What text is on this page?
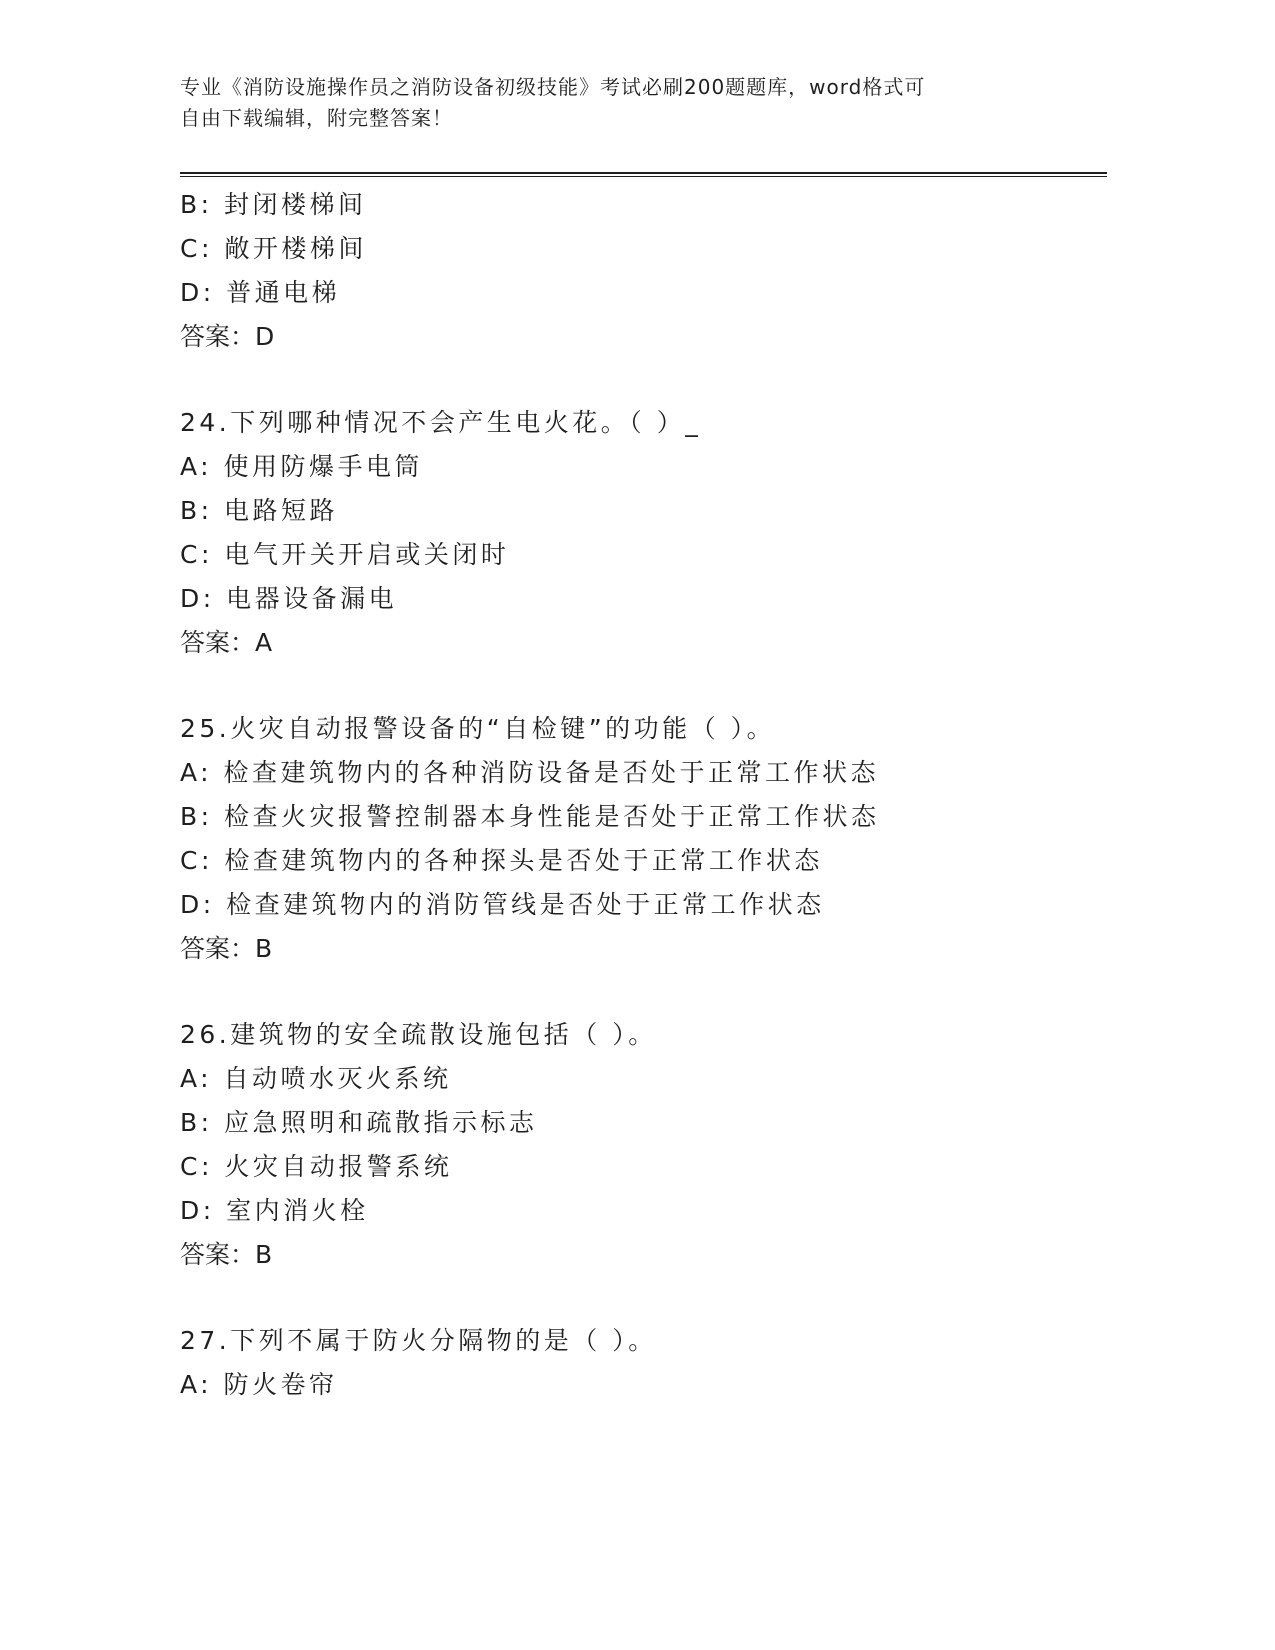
专业《消防设施操作员之消防设备初级技能》考试必刷200题题库，word格式可
自由下载编辑，附完整答案！
B: 封闭楼梯间
C: 敞开楼梯间
D: 普通电梯
答案：D
24.下列哪种情况不会产生电火花。（ ）_
A: 使用防爆手电筒
B: 电路短路
C: 电气开关开启或关闭时
D: 电器设备漏电
答案：A
25.火灾自动报警设备的“自检键”的功能（ ）。
A: 检查建筑物内的各种消防设备是否处于正常工作状态
B: 检查火灾报警控制器本身性能是否处于正常工作状态
C: 检查建筑物内的各种探头是否处于正常工作状态
D: 检查建筑物内的消防管线是否处于正常工作状态
答案：B
26.建筑物的安全疏散设施包括（ ）。
A: 自动喷水灭火系统
B: 应急照明和疏散指示标志
C: 火灾自动报警系统
D: 室内消火栓
答案：B
27.下列不属于防火分隔物的是（ ）。
A: 防火卷帘
